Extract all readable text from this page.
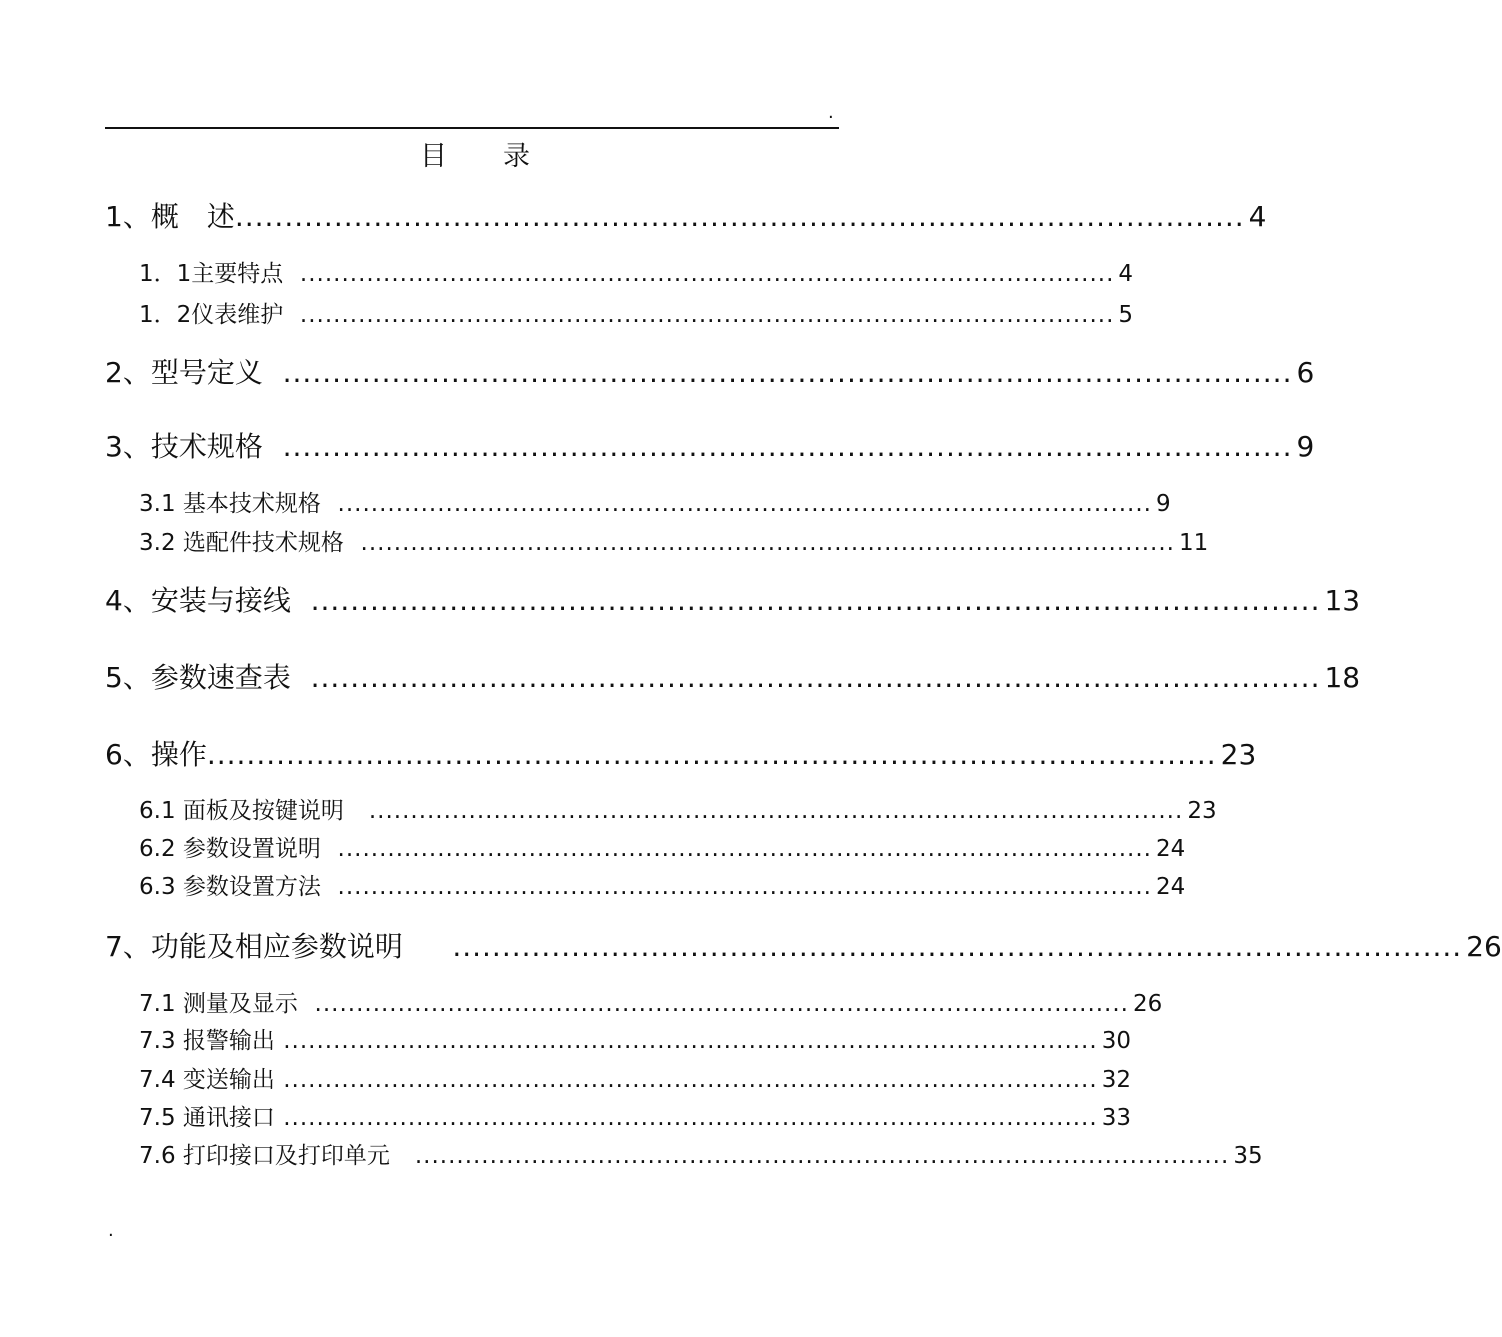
.
目录
1、概　述 ...................................................................................................... 4
1．1主要特点 .................................................................................................. 4
1．2仪表维护 .................................................................................................. 5
2、型号定义 ...................................................................................................... 6
3、技术规格 ...................................................................................................... 9
3.1 基本技术规格 .................................................................................................. 9
3.2 选配件技术规格 .................................................................................................. 11
4、安装与接线 ...................................................................................................... 13
5、参数速查表 ...................................................................................................... 18
6、操作 ...................................................................................................... 23
6.1 面板及按键说明 .................................................................................................. 23
6.2 参数设置说明 .................................................................................................. 24
6.3 参数设置方法 .................................................................................................. 24
7、功能及相应参数说明 ...................................................................................................... 26
7.1 测量及显示 .................................................................................................. 26
7.3 报警输出 .................................................................................................. 30
7.4 变送输出 .................................................................................................. 32
7.5 通讯接口 .................................................................................................. 33
7.6 打印接口及打印单元 .................................................................................................. 35
.
